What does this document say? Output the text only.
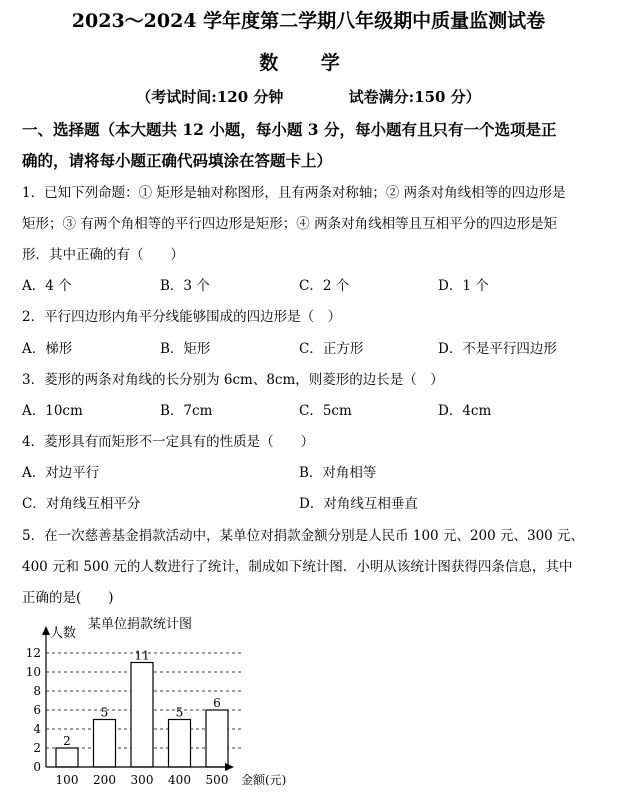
2023～2024 学年度第二学期八年级期中质量监测试卷
数 学
（考试时间:120 分钟	试卷满分:150 分）
一、选择题（本大题共 12 小题，每小题 3 分，每小题有且只有一个选项是正
确的，请将每小题正确代码填涂在答题卡上）
1．已知下列命题：① 矩形是轴对称图形，且有两条对称轴；② 两条对角线相等的四边形是
矩形；③ 有两个角相等的平行四边形是矩形；④ 两条对角线相等且互相平分的四边形是矩
形．其中正确的有（　　）
A．4 个	B．3 个	C．2 个	D．1 个
2．平行四边形内角平分线能够围成的四边形是（　）
A．梯形	B．矩形	C．正方形	D．不是平行四边形
3．菱形的两条对角线的长分别为 6cm、8cm，则菱形的边长是（　）
A．10cm	B．7cm	C．5cm	D．4cm
4．菱形具有而矩形不一定具有的性质是（　　）
A．对边平行	B．对角相等
C．对角线互相平分	D．对角线互相垂直
5．在一次慈善基金捐款活动中，某单位对捐款金额分别是人民币 100 元、200 元、300 元、
400 元和 500 元的人数进行了统计，制成如下统计图．小明从该统计图获得四条信息，其中
正确的是(　　)
某单位捐款统计图
人数
金额(元)
0
2
4
6
8
10
12
100 200 300 400 500
2
5
11
5
6
